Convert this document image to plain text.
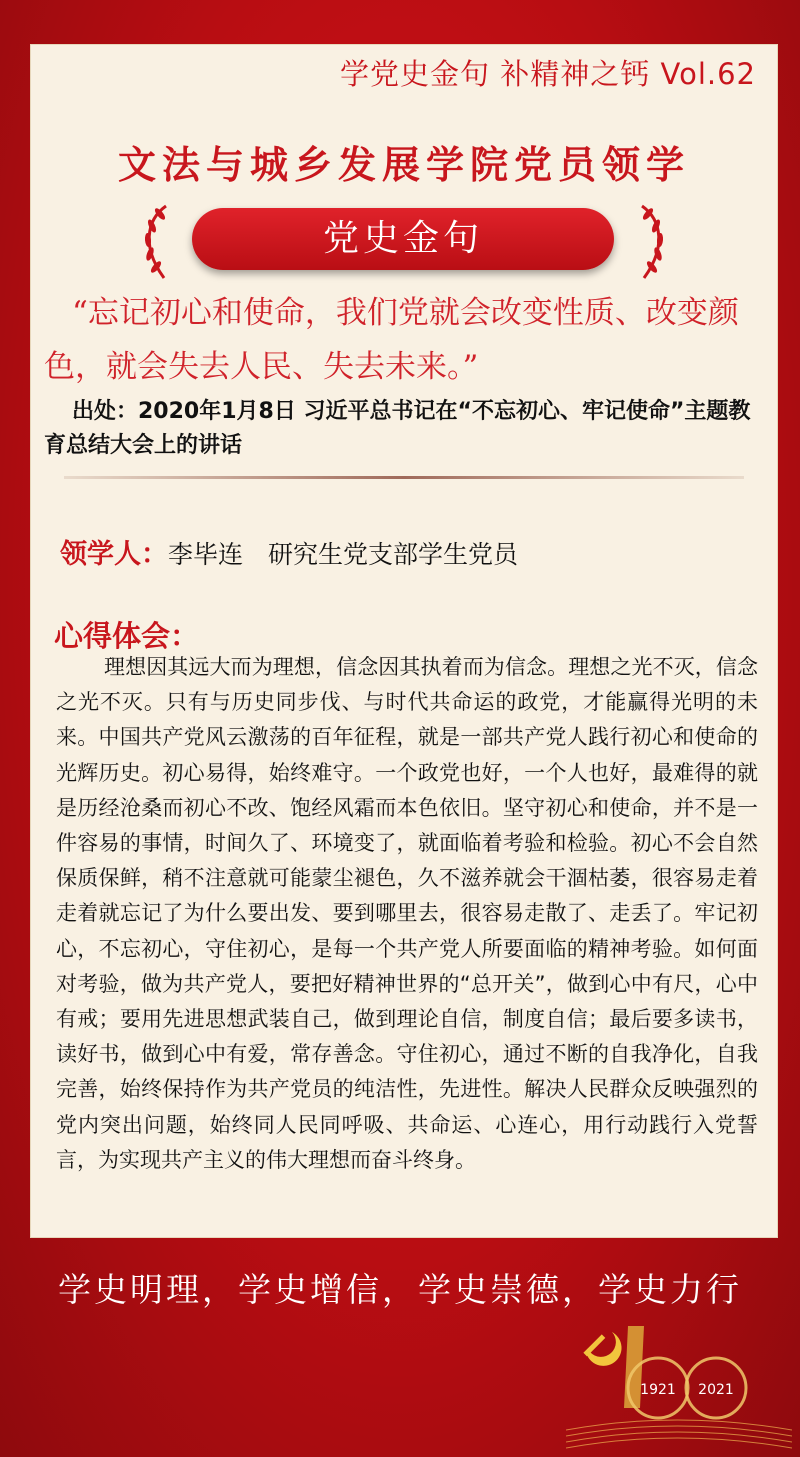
学党史金句 补精神之钙 Vol.62
文法与城乡发展学院党员领学
党史金句
“忘记初心和使命，我们党就会改变性质、改变颜色，就会失去人民、失去未来。”
出处：2020年1月8日 习近平总书记在“不忘初心、牢记使命”主题教育总结大会上的讲话
领学人：李毕连　研究生党支部学生党员
心得体会：
理想因其远大而为理想，信念因其执着而为信念。理想之光不灭，信念之光不灭。只有与历史同步伐、与时代共命运的政党，才能赢得光明的未来。中国共产党风云激荡的百年征程，就是一部共产党人践行初心和使命的光辉历史。初心易得，始终难守。一个政党也好，一个人也好，最难得的就是历经沧桑而初心不改、饱经风霜而本色依旧。坚守初心和使命，并不是一件容易的事情，时间久了、环境变了，就面临着考验和检验。初心不会自然保质保鲜，稍不注意就可能蒙尘褪色，久不滋养就会干涸枯萎，很容易走着走着就忘记了为什么要出发、要到哪里去，很容易走散了、走丢了。牢记初心，不忘初心，守住初心，是每一个共产党人所要面临的精神考验。如何面对考验，做为共产党人，要把好精神世界的“总开关”，做到心中有尺，心中有戒；要用先进思想武装自己，做到理论自信，制度自信；最后要多读书，读好书，做到心中有爱，常存善念。守住初心，通过不断的自我净化，自我完善，始终保持作为共产党员的纯洁性，先进性。解决人民群众反映强烈的党内突出问题，始终同人民同呼吸、共命运、心连心，用行动践行入党誓言，为实现共产主义的伟大理想而奋斗终身。
学史明理，学史增信，学史崇德，学史力行
1921 2021
